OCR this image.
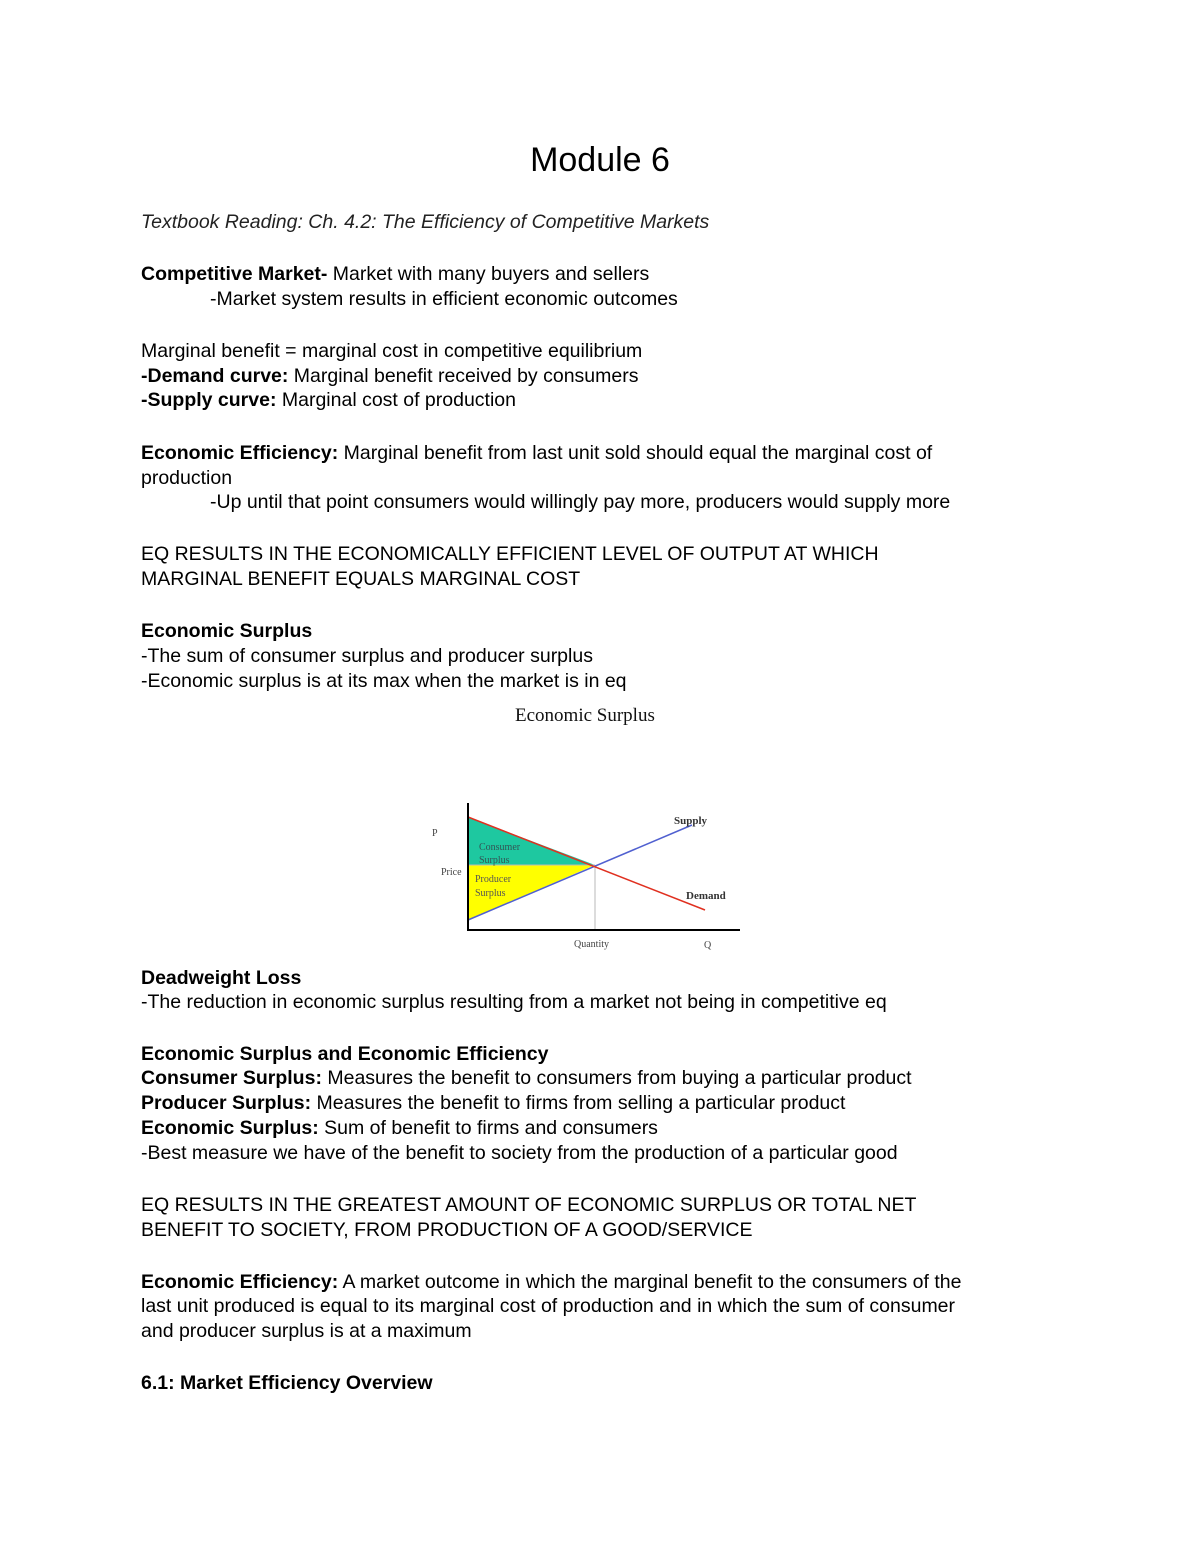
Module 6
Textbook Reading: Ch. 4.2: The Efficiency of Competitive Markets
Competitive Market- Market with many buyers and sellers
-Market system results in efficient economic outcomes
Marginal benefit = marginal cost in competitive equilibrium
-Demand curve: Marginal benefit received by consumers
-Supply curve: Marginal cost of production
Economic Efficiency: Marginal benefit from last unit sold should equal the marginal cost of
production
-Up until that point consumers would willingly pay more, producers would supply more
EQ RESULTS IN THE ECONOMICALLY EFFICIENT LEVEL OF OUTPUT AT WHICH
MARGINAL BENEFIT EQUALS MARGINAL COST
Economic Surplus
-The sum of consumer surplus and producer surplus
-Economic surplus is at its max when the market is in eq
Economic Surplus
P
Price
Quantity	Q
Supply
Demand
Consumer
Surplus
Producer
Surplus
Deadweight Loss
-The reduction in economic surplus resulting from a market not being in competitive eq
Economic Surplus and Economic Efficiency
Consumer Surplus: Measures the benefit to consumers from buying a particular product
Producer Surplus: Measures the benefit to firms from selling a particular product
Economic Surplus: Sum of benefit to firms and consumers
-Best measure we have of the benefit to society from the production of a particular good
EQ RESULTS IN THE GREATEST AMOUNT OF ECONOMIC SURPLUS OR TOTAL NET
BENEFIT TO SOCIETY, FROM PRODUCTION OF A GOOD/SERVICE
Economic Efficiency: A market outcome in which the marginal benefit to the consumers of the
last unit produced is equal to its marginal cost of production and in which the sum of consumer
and producer surplus is at a maximum
6.1: Market Efficiency Overview
